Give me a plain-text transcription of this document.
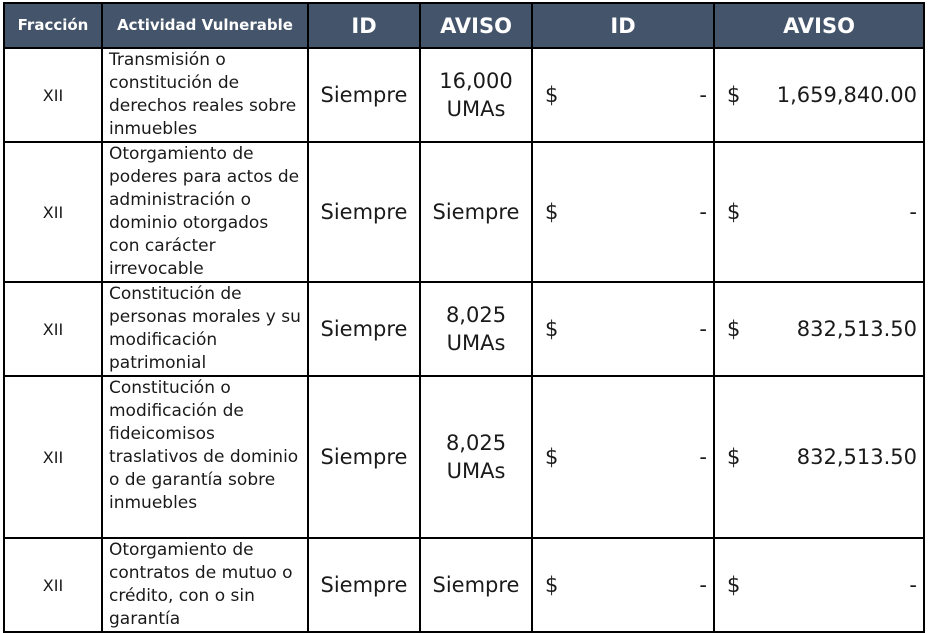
Fracción	Actividad Vulnerable	ID	AVISO	ID	AVISO
XII	Transmisión o constitución de derechos reales sobre inmuebles	Siempre	16,000 UMAs	$ -	$ 1,659,840.00

XII	Otorgamiento de poderes para actos de administración o dominio otorgados con carácter irrevocable	Siempre	Siempre	$ -	$ -

XII	Constitución de personas morales y su modificación patrimonial	Siempre	8,025 UMAs	$ -	$ 832,513.50

XII	Constitución o modificación de fideicomisos traslativos de dominio o de garantía sobre inmuebles	Siempre	8,025 UMAs	$ -	$ 832,513.50

XII	Otorgamiento de contratos de mutuo o crédito, con o sin garantía	Siempre	Siempre	$ -	$ -
